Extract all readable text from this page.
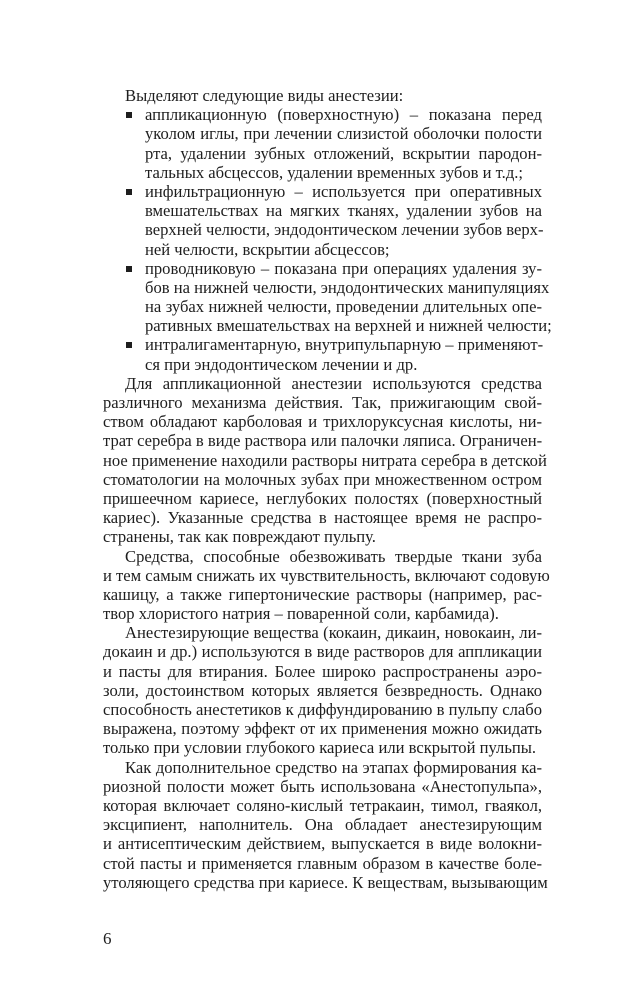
Выделяют следующие виды анестезии:
аппликационную (поверхностную) – показана перед
уколом иглы, при лечении слизистой оболочки полости
рта, удалении зубных отложений, вскрытии пародон-
тальных абсцессов, удалении временных зубов и т.д.;
инфильтрационную – используется при оперативных
вмешательствах на мягких тканях, удалении зубов на
верхней челюсти, эндодонтическом лечении зубов верх-
ней челюсти, вскрытии абсцессов;
проводниковую – показана при операциях удаления зу-
бов на нижней челюсти, эндодонтических манипуляциях
на зубах нижней челюсти, проведении длительных опе-
ративных вмешательствах на верхней и нижней челюсти;
интралигаментарную, внутрипульпарную – применяют-
ся при эндодонтическом лечении и др.
Для аппликационной анестезии используются средства
различного механизма действия. Так, прижигающим свой-
ством обладают карболовая и трихлоруксусная кислоты, ни-
трат серебра в виде раствора или палочки ляписа. Ограничен-
ное применение находили растворы нитрата серебра в детской
стоматологии на молочных зубах при множественном остром
пришеечном кариесе, неглубоких полостях (поверхностный
кариес). Указанные средства в настоящее время не распро-
странены, так как повреждают пульпу.
Средства, способные обезвоживать твердые ткани зуба
и тем самым снижать их чувствительность, включают содовую
кашицу, а также гипертонические растворы (например, рас-
твор хлористого натрия – поваренной соли, карбамида).
Анестезирующие вещества (кокаин, дикаин, новокаин, ли-
докаин и др.) используются в виде растворов для аппликации
и пасты для втирания. Более широко распространены аэро-
золи, достоинством которых является безвредность. Однако
способность анестетиков к диффундированию в пульпу слабо
выражена, поэтому эффект от их применения можно ожидать
только при условии глубокого кариеса или вскрытой пульпы.
Как дополнительное средство на этапах формирования ка-
риозной полости может быть использована «Анестопульпа»,
которая включает соляно-кислый тетракаин, тимол, гваякол,
эксципиент, наполнитель. Она обладает анестезирующим
и антисептическим действием, выпускается в виде волокни-
стой пасты и применяется главным образом в качестве боле-
утоляющего средства при кариесе. К веществам, вызывающим
6
